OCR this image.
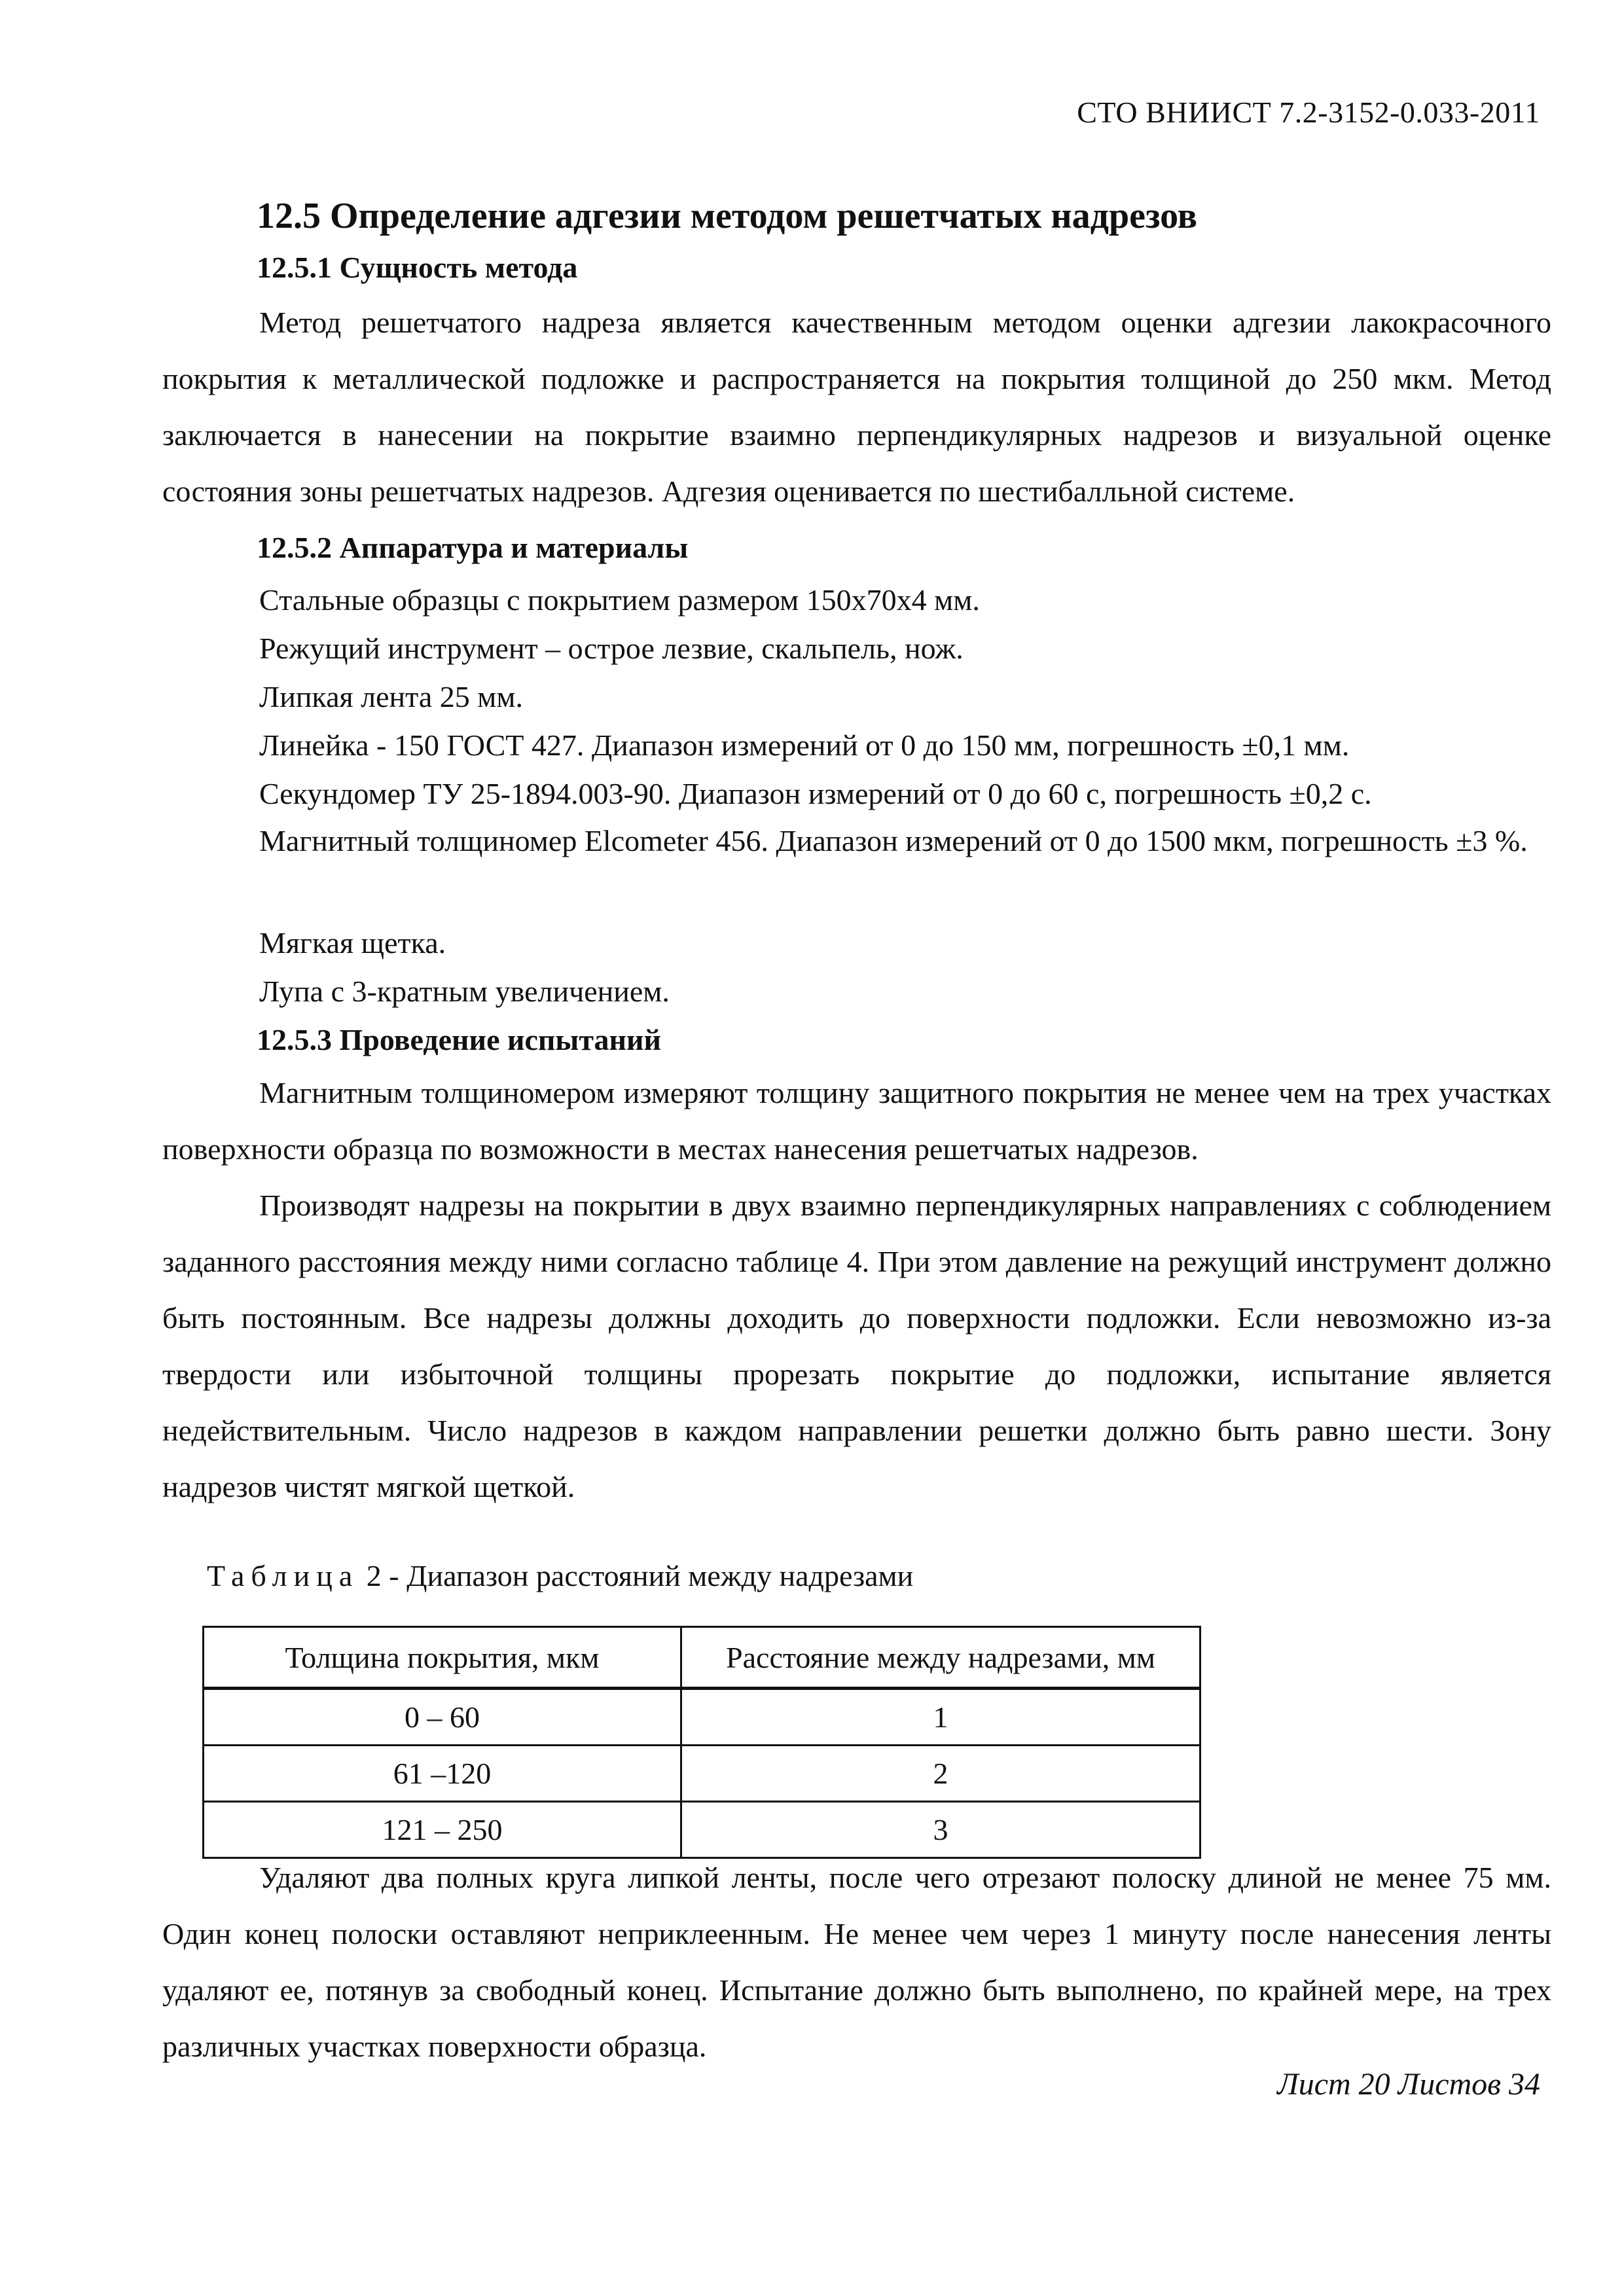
СТО ВНИИСТ 7.2-3152-0.033-2011
12.5 Определение адгезии методом решетчатых надрезов
12.5.1 Сущность метода

Метод решетчатого надреза является качественным методом оценки адгезии лакокрасочного покрытия к металлической подложке и распространяется на покрытия толщиной до 250 мкм. Метод заключается в нанесении на покрытие взаимно перпендикулярных надрезов и визуальной оценке состояния зоны решетчатых надрезов. Адгезия оценивается по шестибалльной системе.

12.5.2 Аппаратура и материалы
Стальные образцы с покрытием размером 150х70х4 мм.
Режущий инструмент – острое лезвие, скальпель, нож.
Липкая лента 25 мм.
Линейка - 150 ГОСТ 427. Диапазон измерений от 0 до 150 мм, погрешность ±0,1 мм.
Секундомер ТУ 25-1894.003-90. Диапазон измерений от 0 до 60 с, погрешность ±0,2 с.

Магнитный толщиномер Elcometer 456. Диапазон измерений от 0 до 1500 мкм, погрешность ±3 %.

Мягкая щетка.
Лупа с 3-кратным увеличением.
12.5.3 Проведение испытаний

Магнитным толщиномером измеряют толщину защитного покрытия не менее чем на трех участках поверхности образца по возможности в местах нанесения решетчатых надрезов.

Производят надрезы на покрытии в двух взаимно перпендикулярных направлениях с соблюдением заданного расстояния между ними согласно таблице 4. При этом давление на режущий инструмент должно быть постоянным. Все надрезы должны доходить до поверхности подложки. Если невозможно из-за твердости или избыточной толщины прорезать покрытие до подложки, испытание является недействительным. Число надрезов в каждом направлении решетки должно быть равно шести. Зону надрезов чистят мягкой щеткой.

Таблица 2 - Диапазон расстояний между надрезами
Толщина покрытия, мкм	Расстояние между надрезами, мм
0 – 60	1
61 –120	2
121 – 250	3

Удаляют два полных круга липкой ленты, после чего отрезают полоску длиной не менее 75 мм. Один конец полоски оставляют неприклеенным. Не менее чем через 1 минуту после нанесения ленты удаляют ее, потянув за свободный конец. Испытание должно быть выполнено, по крайней мере, на трех различных участках поверхности образца.

Лист 20 Листов 34
